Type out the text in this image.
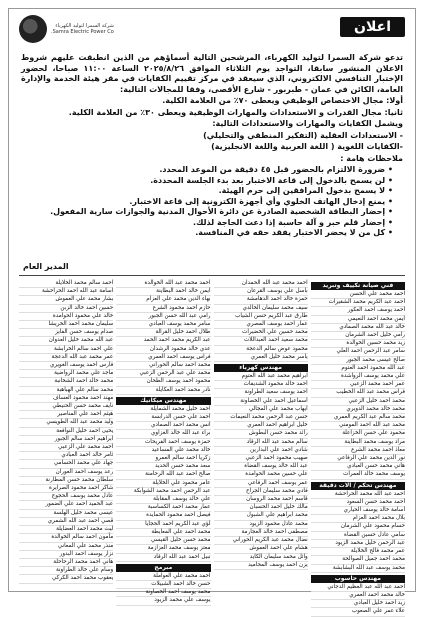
شركة السمرا لتوليد الكهرباء
Samra Electric Power Co.	اعلان

تدعو شركة السمرا لتوليد الكهرباء، المرشحين التالية أسماؤهم من الذين انطبقت عليهم شروط الاعلان المنشور سابقا، التواجد يوم الثلاثاء الموافق ٢٠٢٥/٨/٢٦ الساعة ١١:٠٠ صباحا، لحضور الإختبار التنافسي الالكتروني، الذي سيعقد في مركز تقييم الكفايات في مقر هيئة الخدمة والإدارة العامة، الكائن في عمان - طبربور - شارع الأقصى، وفقا للمجالات التالية:

أولا: مجال الاختصاص الوظيفي ويعطى ٧٠٪ من العلامة الكلية.

ثانيا: مجال القدرات و الاستعدادات والمهارات الوظيفية ويعطى ٣٠٪ من العلامة الكلية.

ويشمل الكفايات والمهارات والاستعدادات التالية:

- الاستعدادات العقلية (التفكير المنطقي والتحليلي)

-الكفايات اللغوية ( اللغة العربية واللغة الانجليزية)

ملاحظات هامة :

• ضرورة الالتزام بالحضور قبل ٤٥ دقيقة من الموعد المحدد.
• لن يسمح بالدخول إلى قاعة الاختبار بعد بدء الجلسة المحددة.
• لا يسمح بدخول المرافقين إلى حرم الهيئة.
• يمنع إدخال الهاتف الخلوي وأي أجهزة الكترونية إلى قاعة الاختبار.
• إحضار البطاقة الشخصية الصادرة عن دائرة الأحوال المدنية والجوازات سارية المفعول.
• إحضار قلم حبر و آلة حاسبة إذا دعت الحاجة لذلك.
• كل من لا يحضر الاختبار يفقد حقه في المنافسة.
المدير العام
فني صيانة تكييف وتبريد
احمد محمد علي الحسن
احمد عبد الكريم محمد الشقيرات
احمد يوسف احمد العكور
ايمن محمد احمد النعيمي
خالد عبد الله محمد الصمادي
رامي خليل احمد الشرمان
زيد محمد حسين الخوالدة
سامر عبد الرحمن احمد العلي
صالح عيسى محمد الجبور
عبد الله محمود احمد العتوم
علي محمد يوسف الرواشدة
عمر احمد محمد الزعبي
فراس محمد عبد الله الخطيب
محمد احمد خليل الزعبي
محمد خالد محمد الدويري
محمد سالم عبد الكريم العمري
محمد عبد الله احمد المومني
محمود علي حسن الخزاعلة
مراد يوسف محمد البطاينة
معاذ احمد محمد الشرع
نور الدين محمد علي الرفاعي
هاني محمد حسن العبادي
يوسف محمد خالد العمرات
مهندس تحكم / آلات دقيقة
احمد عبد الله محمد الحراحشة
احمد محمد حسن السعود
اسامة خالد يوسف الحياري
بلال محمد احمد العزام
حسام محمود علي الشرمان
سامي عادل حسين القضاة
عبد الرحمن خليل محمد الزيود
عمر محمد فالح الخلايلة
محمد احمد جميل الصوالحة
محمد يوسف عبد الله البشابشة
مهندس حاسوب
احمد عبد الله عبد العظيم الدجاني
خالد محمد احمد العمري
زيد احمد خليل العبادي
علاء عمر علي الصعوب
احمد محمد عبد الله الحمدان
باسل علي يوسف القرعان
حمزة خالد احمد الدهامشة
سيف محمد سليمان الخالدي
طارق عبد الكريم حسن الشياب
عمار احمد يوسف المصري
محمد حسين علي الخضيرات
محمد سعيد احمد العبداللات
محمود عوض سالم الدعجة
ياسر محمد خليل العمري
مهندس كهرباء
ابراهيم محمد عبد الله العتوم
احمد خالد محمود الشديفات
احمد يوسف سعيد الطراونة
اسماعيل احمد علي الخصاونة
ايهاب محمد علي المجالي
حسن عبد الرحمن محمد النعيمات
خليل ابراهيم احمد العمري
رائد محمد حسن البطوش
سالم محمد عبد الله الرقاد
شادي احمد علي البدارين
صهيب محمود احمد الزعبي
عبد الله خالد يوسف القضاة
علي حسين محمد الحوامدة
عمر يوسف احمد الرفاعي
فادي محمد سليمان الجراح
قاسم احمد محمد الروسان
مالك خليل احمد الحسبان
محمد ابراهيم علي الشبول
محمد عادل محمود الزيود
مصطفى احمد خالد العجارمة
نضال محمد عبد الكريم الحوراني
هشام علي احمد العموش
وائل محمد سليمان الكايد
يزن احمد يوسف المحاميد
احمد محمد عبد الله الخوالدة
ايمن خالد احمد البطاينة
بهاء الدين محمد علي العزام
حازم احمد محمود الشرع
رامي عبد الله حسن الجبور
سامر محمد يوسف العبادي
طلال احمد خليل القرالة
عبد الكريم محمد احمد الحمد
عدي خالد محمود الرشدان
فراس يوسف احمد العمري
محمد احمد سالم الحوراني
محمد علي عبد الرحمن الزعبي
محمود احمد يوسف الطحان
نادر محمد احمد العكايلة
مهندس ميكانيك
احمد خليل محمد الشمايلة
احمد علي حسن الدرابسة
انس محمد احمد الصمادي
براء عبد الله خالد الغزاوي
حمزة يوسف احمد الفريحات
خالد محمد علي المساعيد
زكريا احمد سالم العمرو
سعد محمد حسن الحديد
صالح احمد عبد الله الرحامنة
عامر محمود علي الخلايلة
عبد الرحمن احمد محمد الشوابكة
علي خالد يوسف المقابلة
عمار محمد احمد الكساسبة
فيصل احمد محمود الحمايدة
لؤي عبد الكريم احمد الحجايا
محمد احمد علي المعايطة
محمد حسن خليل القيسي
معتز يوسف محمد العزازمة
نبيل احمد عبد الله الرقاد
مبرمج
احمد محمد علي العواملة
حسن خالد احمد الشبيلات
محمد يوسف احمد الخصاونة
يوسف علي محمد الزيود
احمد سالم محمد الخلايلة
اسامة عبد الله احمد الحراحشة
بشار محمد علي العموش
حسين احمد خالد الزبن
خالد علي محمود الحوامدة
سليمان محمد احمد الخريشا
صدام يوسف حسن الفايز
عبد الله محمد خليل العدوان
علي احمد سالم الخرابشة
عمر محمد عبد الله الدعجة
فارس احمد يوسف الغويري
ماجد علي محمد الرواضية
محمد خالد احمد الشخانبة
محمد سالم علي الهباهبة
مهند احمد محمود العساف
نايف محمد حسن الحنيطي
هيثم احمد علي المناصير
وليد محمد عبد الله الطويسي
يحيى احمد خليل النوافعة
ابراهيم احمد سالم الجبور
احمد محمد علي الزعبي
ثامر خالد احمد العبادي
جهاد علي محمد الحسامي
رعد يوسف احمد العوران
سلطان محمد حسن المطارنة
شاكر احمد محمود الصرايرة
عادل محمد يوسف الحجوج
عبد الحميد احمد علي الضمور
عيسى محمد خليل الهلسة
قصي احمد عبد الله الشمري
ليث محمد احمد العضايلة
مأمون احمد سالم الخوالدة
منذر محمد علي المعاني
نزار يوسف احمد البدور
هاني احمد محمد الرحاحلة
وسام علي خالد الطراونة
يعقوب محمد احمد الكركي
